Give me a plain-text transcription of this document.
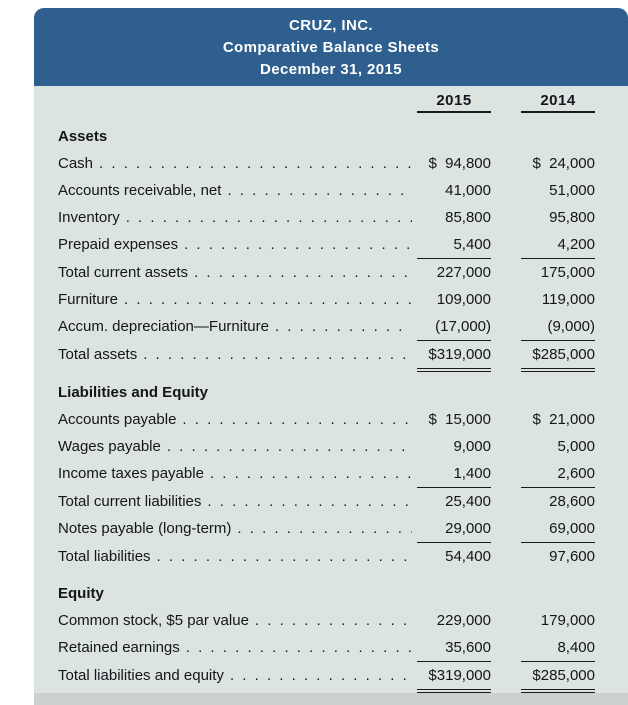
CRUZ, INC.
Comparative Balance Sheets
December 31, 2015
2015	2014
Assets
Cash . . .	$  94,800	$  24,000
Accounts receivable, net . . .	41,000	51,000
Inventory . . .	85,800	95,800
Prepaid expenses . . .	5,400	4,200
Total current assets . . .	227,000	175,000
Furniture . . .	109,000	119,000
Accum. depreciation—Furniture . . .	(17,000)	(9,000)
Total assets . . .	$319,000	$285,000
Liabilities and Equity
Accounts payable . . .	$  15,000	$  21,000
Wages payable . . .	9,000	5,000
Income taxes payable . . .	1,400	2,600
Total current liabilities . . .	25,400	28,600
Notes payable (long-term) . . .	29,000	69,000
Total liabilities . . .	54,400	97,600
Equity
Common stock, $5 par value . . .	229,000	179,000
Retained earnings . . .	35,600	8,400
Total liabilities and equity . . .	$319,000	$285,000
